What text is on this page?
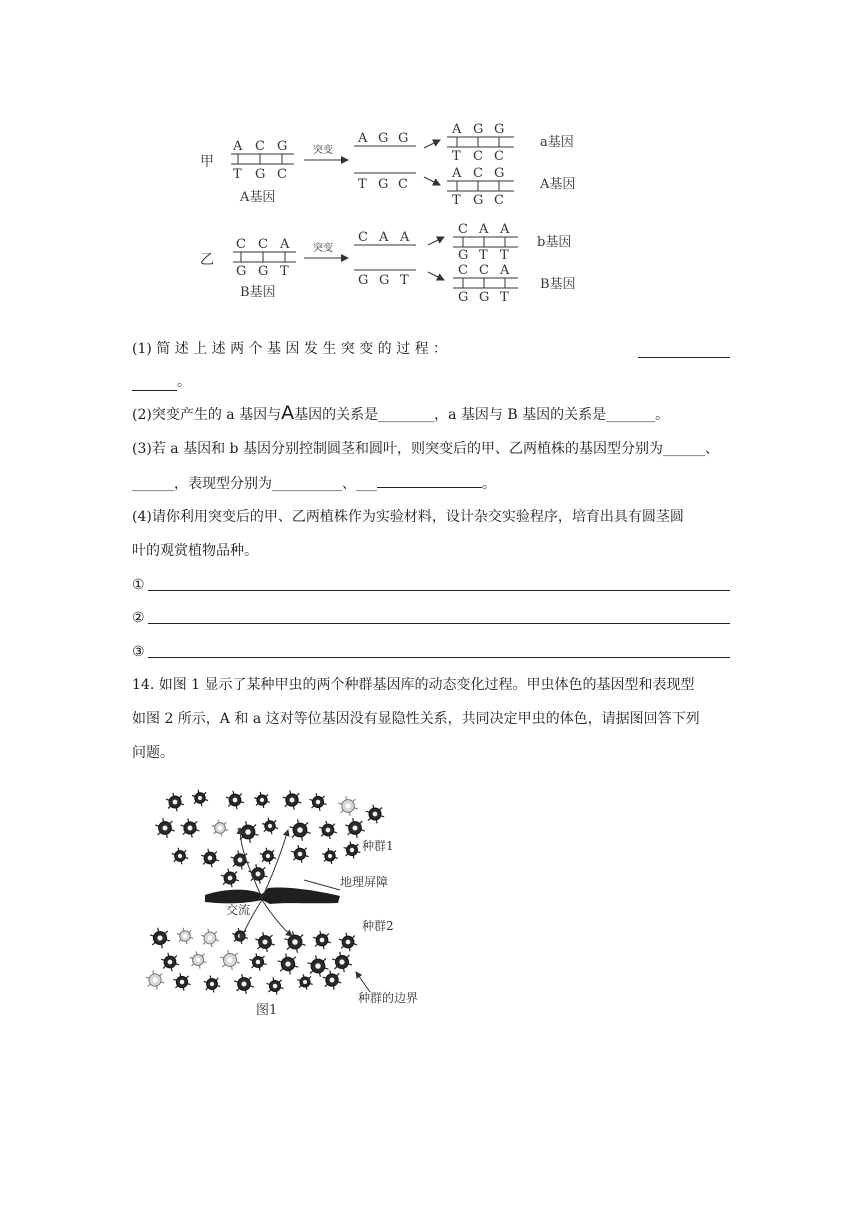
甲
A C G
T G C
A基因
突变
A G G
T G C
A G G
T C C
a基因
A C G
T G C
A基因
乙
C C A
G G T
B基因
突变
C A A
G G T
C A A
G T T
b基因
C C A
G G T
B基因
(1) 简 述 上 述 两 个 基 因 发 生 突 变 的 过 程 ：
。
(2)突变产生的 a 基因与A基因的关系是________，a 基因与 B 基因的关系是_______。
(3)若 a 基因和 b 基因分别控制圆茎和圆叶，则突变后的甲、乙两植株的基因型分别为______、
______，表现型分别为__________、___	。
(4)请你利用突变后的甲、乙两植株作为实验材料，设计杂交实验程序，培育出具有圆茎圆
叶的观赏植物品种。
①
②
③
14. 如图 1 显示了某种甲虫的两个种群基因库的动态变化过程。甲虫体色的基因型和表现型
如图 2 所示，A 和 a 这对等位基因没有显隐性关系，共同决定甲虫的体色，请据图回答下列
问题。
种群1
地理屏障
交流
种群2
种群的边界
图1
